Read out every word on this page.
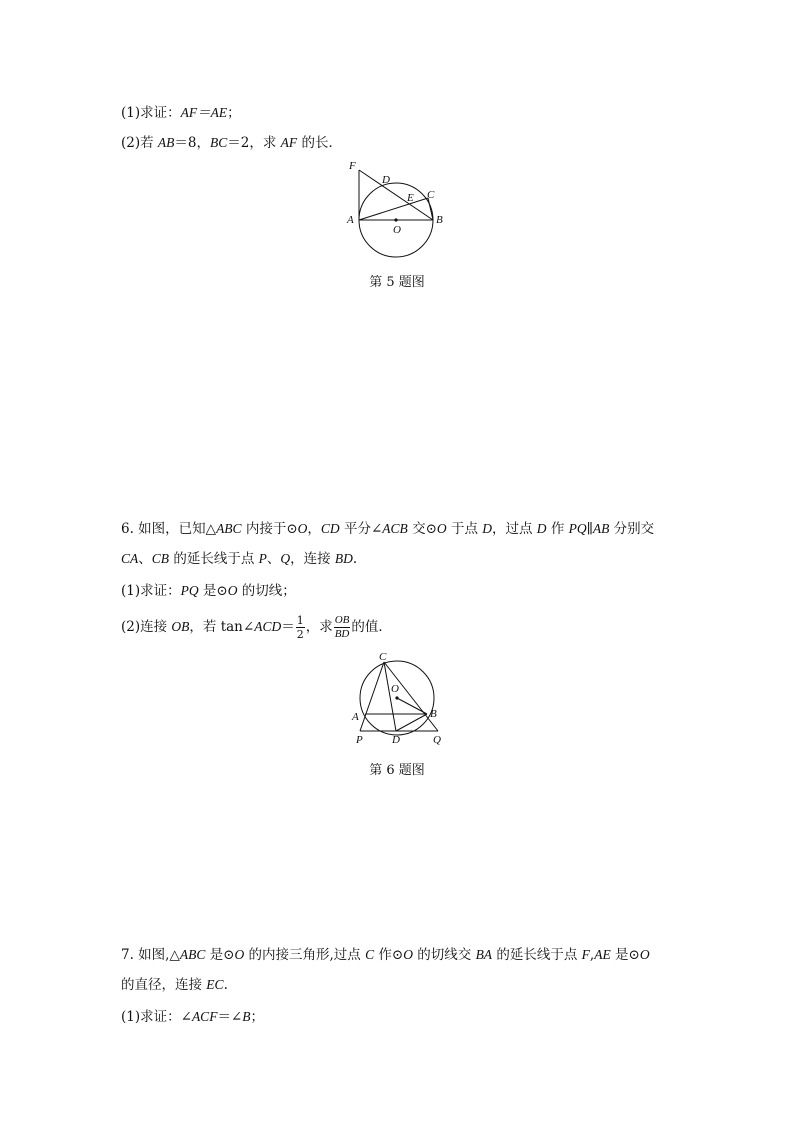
(1)求证：AF＝AE；
(2)若 AB＝8，BC＝2，求 AF 的长．
F
D
C
E
A
O
B
第 5 题图
6. 如图，已知△ABC 内接于⊙O，CD 平分∠ACB 交⊙O 于点 D，过点 D 作 PQ∥AB 分别交
CA、CB 的延长线于点 P、Q，连接 BD.
(1)求证：PQ 是⊙O 的切线；
(2)连接 OB，若 tan∠ACD＝ $\frac{1}{2}$ ，求 $\frac{OB}{BD}$ 的值．
C
O
A	B
P	D	Q
第 6 题图
7. 如图,△ABC 是⊙O 的内接三角形,过点 C 作⊙O 的切线交 BA 的延长线于点 F,AE 是⊙O
的直径，连接 EC.
(1)求证：∠ACF＝∠B；
